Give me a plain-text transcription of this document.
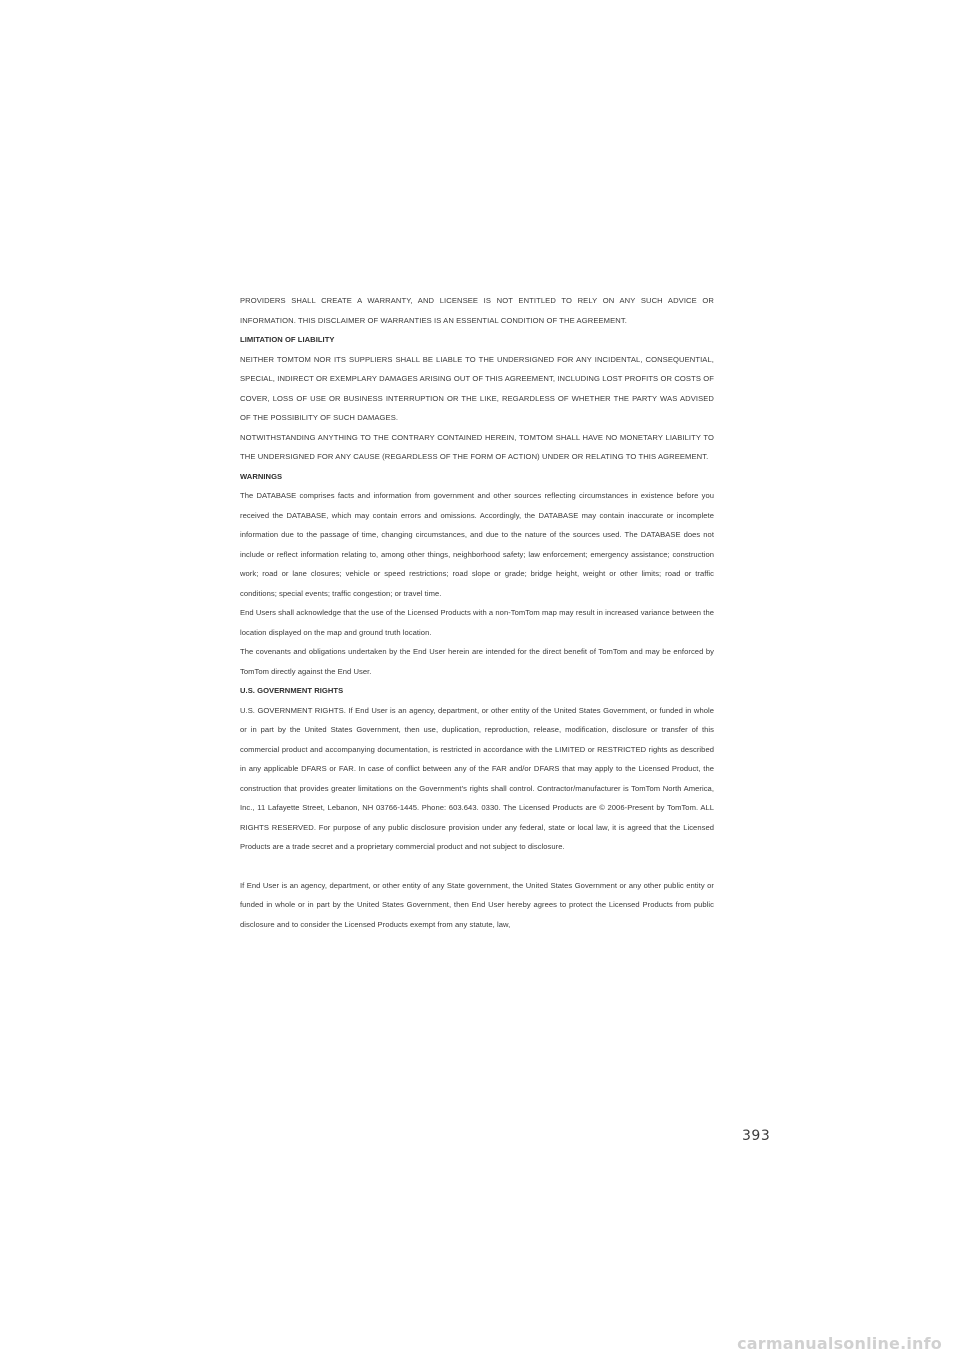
PROVIDERS SHALL CREATE A WARRANTY, AND LICENSEE IS NOT ENTITLED TO RELY ON ANY SUCH ADVICE OR INFORMATION. THIS DISCLAIMER OF WARRANTIES IS AN ESSENTIAL CONDITION OF THE AGREEMENT.

LIMITATION OF LIABILITY

NEITHER TOMTOM NOR ITS SUPPLIERS SHALL BE LIABLE TO THE UNDERSIGNED FOR ANY INCIDENTAL, CONSEQUENTIAL, SPECIAL, INDIRECT OR EXEMPLARY DAMAGES ARISING OUT OF THIS AGREEMENT, INCLUDING LOST PROFITS OR COSTS OF COVER, LOSS OF USE OR BUSINESS INTERRUPTION OR THE LIKE, REGARDLESS OF WHETHER THE PARTY WAS ADVISED OF THE POSSIBILITY OF SUCH DAMAGES.

NOTWITHSTANDING ANYTHING TO THE CONTRARY CONTAINED HEREIN, TOMTOM SHALL HAVE NO MONETARY LIABILITY TO THE UNDERSIGNED FOR ANY CAUSE (REGARDLESS OF THE FORM OF ACTION) UNDER OR RELATING TO THIS AGREEMENT.

WARNINGS

The DATABASE comprises facts and information from government and other sources reflecting circumstances in existence before you received the DATABASE, which may contain errors and omissions. Accordingly, the DATABASE may contain inaccurate or incomplete information due to the passage of time, changing circumstances, and due to the nature of the sources used. The DATABASE does not include or reflect information relating to, among other things, neighborhood safety; law enforcement; emergency assistance; construction work; road or lane closures; vehicle or speed restrictions; road slope or grade; bridge height, weight or other limits; road or traffic conditions; special events; traffic congestion; or travel time.

End Users shall acknowledge that the use of the Licensed Products with a non-TomTom map may result in increased variance between the location displayed on the map and ground truth location.

The covenants and obligations undertaken by the End User herein are intended for the direct benefit of TomTom and may be enforced by TomTom directly against the End User.

U.S. GOVERNMENT RIGHTS

U.S. GOVERNMENT RIGHTS. If End User is an agency, department, or other entity of the United States Government, or funded in whole or in part by the United States Government, then use, duplication, reproduction, release, modification, disclosure or transfer of this commercial product and accompanying documentation, is restricted in accordance with the LIMITED or RESTRICTED rights as described in any applicable DFARS or FAR. In case of conflict between any of the FAR and/or DFARS that may apply to the Licensed Product, the construction that provides greater limitations on the Government's rights shall control. Contractor/manufacturer is TomTom North America, Inc., 11 Lafayette Street, Lebanon, NH 03766-1445. Phone: 603.643. 0330. The Licensed Products are © 2006-Present by TomTom. ALL RIGHTS RESERVED. For purpose of any public disclosure provision under any federal, state or local law, it is agreed that the Licensed Products are a trade secret and a proprietary commercial product and not subject to disclosure.

If End User is an agency, department, or other entity of any State government, the United States Government or any other public entity or funded in whole or in part by the United States Government, then End User hereby agrees to protect the Licensed Products from public disclosure and to consider the Licensed Products exempt from any statute, law,

393
carmanualsonline.info
